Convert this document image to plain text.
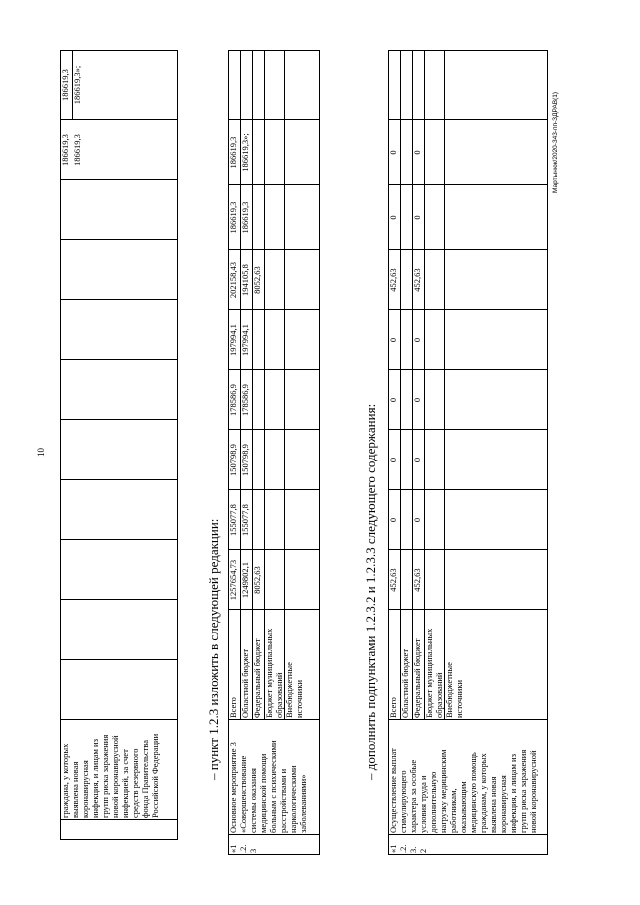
10
граждана, у которых
выявлена новая
коронавирусная
инфекция, и лицам из
групп риска заражения
новой коронавирусной
инфекцией, за счет
средств резервного
фонда Правительства
Российской Федерации
186619,3
186619,3
186619,3
186619,3»;
– пункт 1.2.3 изложить в следующей редакции:
«1
.2.
3
Основное мероприятие 3
«Совершенствование
системы оказания
медицинской помощи
больным с психическими
расстройствами и
наркологическими
заболеваниями»
Всего
1257654,73
155077,8
150798,9
178586,9
197994,1
202158,43
186619,3
186619,3
Областной бюджет
1249802,1
155077,8
150798,9
178586,9
197994,1
194105,8
186619,3
186619,3»;
Федеральный бюджет
8052,63
8052,63
Бюджет муниципальных
образований Внебюджетные
источники	– дополнить подпунктами 1.2.3.2 и 1.2.3.3 следующего содержания:
«1
.2.
3.
2
Осуществление выплат
стимулирующего
характера за особые
условия труда и
дополнительную
нагрузку медицинским
работникам,
оказывающим
медицинскую помощь
гражданам, у которых
выявлена новая
коронавирусная
инфекция, и лицам из
групп риска заражения
новой коронавирусной
Всего
452,63
0
0
0
0
452,63
0
0
Областной бюджет Федеральный бюджет
452,63
0
0
0
0
452,63
0
0
Бюджет муниципальных
образований Внебюджетные
источники
Мартынюк/2020-343-пп-ЗДРАВ(1)
